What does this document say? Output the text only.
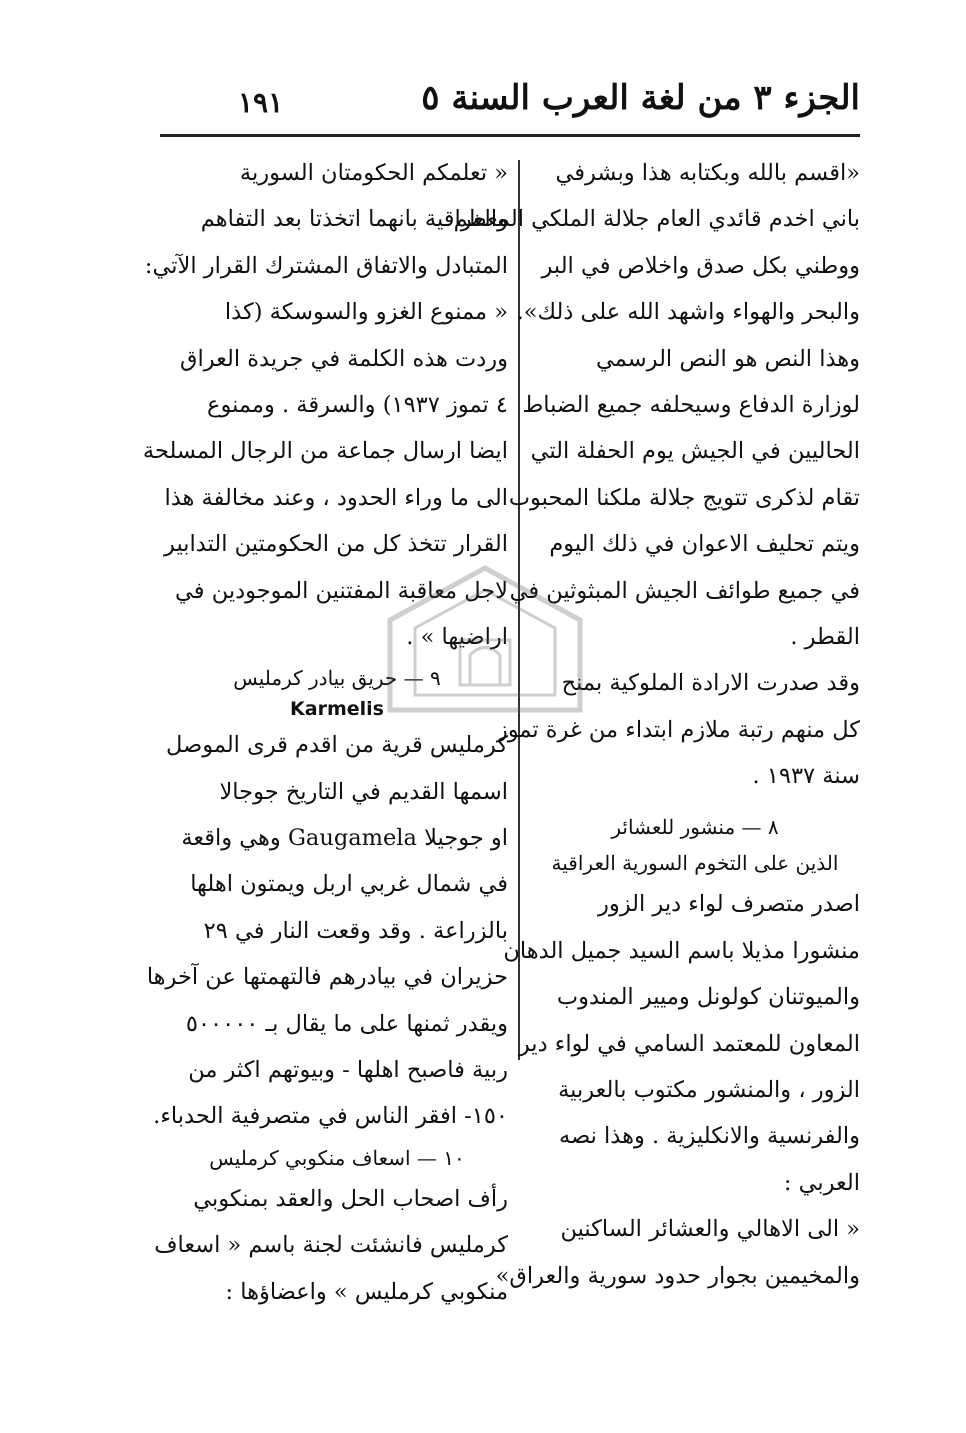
الجزء ٣ من لغة العرب السنة ٥
١٩١
«اقسم بالله وبكتابه هذا وبشرفي
باني اخدم قائدي العام جلالة الملكي المعظم
ووطني بكل صدق واخلاص في البر
والبحر والهواء واشهد الله على ذلك».
وهذا النص هو النص الرسمي
لوزارة الدفاع وسيحلفه جميع الضباط
الحاليين في الجيش يوم الحفلة التي
تقام لذكرى تتويج جلالة ملكنا المحبوب
ويتم تحليف الاعوان في ذلك اليوم
في جميع طوائف الجيش المبثوثين في
القطر .
وقد صدرت الارادة الملوكية بمنح
كل منهم رتبة ملازم ابتداء من غرة تموز
سنة ١٩٣٧ .
٨ — منشور للعشائر
الذين على التخوم السورية العراقية
اصدر متصرف لواء دير الزور
منشورا مذيلا باسم السيد جميل الدهان
والميوتنان كولونل وميير المندوب
المعاون للمعتمد السامي في لواء دير
الزور ، والمنشور مكتوب بالعربية
والفرنسية والانكليزية . وهذا نصه
العربي :
« الى الاهالي والعشائر الساكنين
والمخيمين بجوار حدود سورية والعراق»
« تعلمكم الحكومتان السورية
والعراقية بانهما اتخذتا بعد التفاهم
المتبادل والاتفاق المشترك القرار الآتي:
« ممنوع الغزو والسوسكة (كذا
وردت هذه الكلمة في جريدة العراق
٤ تموز ١٩٣٧) والسرقة . وممنوع
ايضا ارسال جماعة من الرجال المسلحة
الى ما وراء الحدود ، وعند مخالفة هذا
القرار تتخذ كل من الحكومتين التدابير
لاجل معاقبة المفتنين الموجودين في
اراضيها » .
٩ — حريق بيادر كرمليس
Karmelis
كرمليس قرية من اقدم قرى الموصل
اسمها القديم في التاريخ جوجالا
او جوجيلا Gaugamela وهي واقعة
في شمال غربي اربل ويمتون اهلها
بالزراعة . وقد وقعت النار في ٢٩
حزيران في بيادرهم فالتهمتها عن آخرها
ويقدر ثمنها على ما يقال بـ ٥٠٠٠٠٠
ربية فاصبح اهلها - وبيوتهم اكثر من
١٥٠- افقر الناس في متصرفية الحدباء.
١٠ — اسعاف منكوبي كرمليس
رأف اصحاب الحل والعقد بمنكوبي
كرمليس فانشئت لجنة باسم « اسعاف
منكوبي كرمليس » واعضاؤها :
